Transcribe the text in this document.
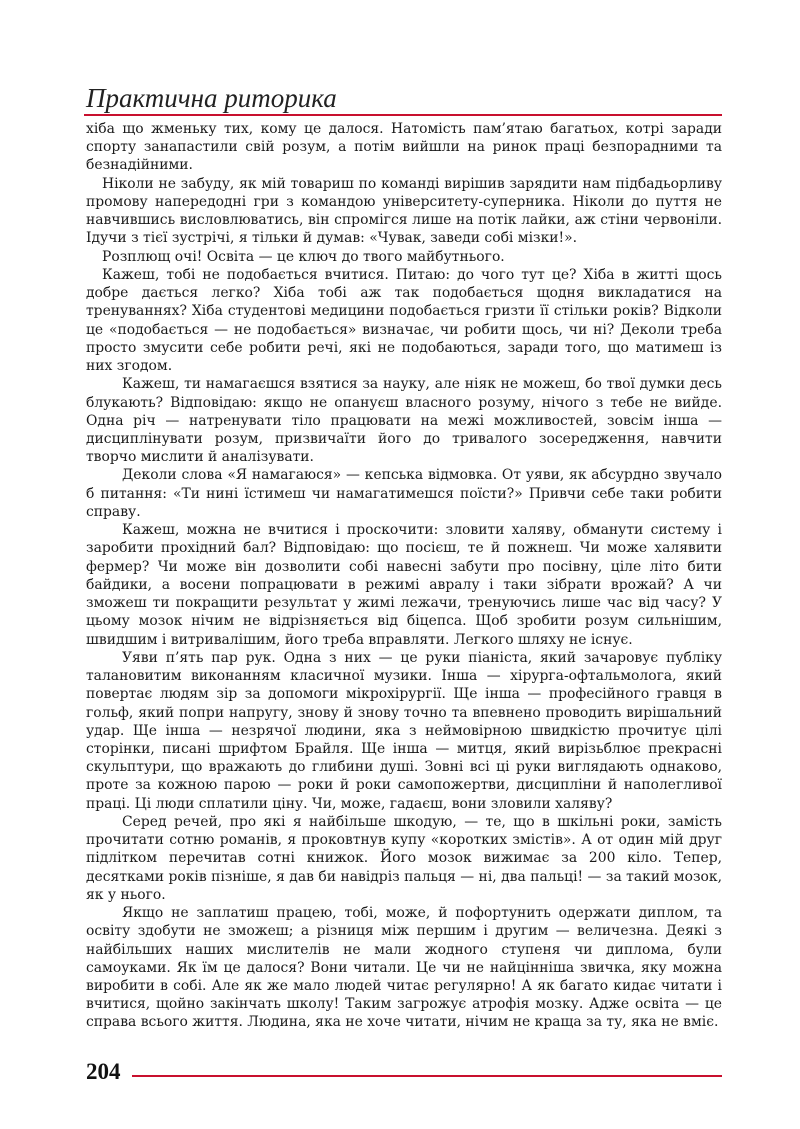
Практична риторика

хіба що жменьку тих, кому це далося. Натомість пам’ятаю багатьох, котрі заради спорту занапастили свій розум, а потім вийшли на ринок праці безпорадними та безнадійними.

Ніколи не забуду, як мій товариш по команді вирішив зарядити нам підбадьорливу промову напередодні гри з командою університету-суперника. Ніколи до пуття не навчившись висловлюватись, він спромігся лише на потік лайки, аж стіни червоніли. Ідучи з тієї зустрічі, я тільки й думав: «Чувак, заведи собі мізки!».

Розплющ очі! Освіта — це ключ до твого майбутнього.

Кажеш, тобі не подобається вчитися. Питаю: до чого тут це? Хіба в житті щось добре дається легко? Хіба тобі аж так подобається щодня викладатися на тренуваннях? Хіба студентові медицини подобається гризти її стільки років? Відколи це «подобається — не подобається» визначає, чи робити щось, чи ні? Деколи треба просто змусити себе робити речі, які не подобаються, заради того, що матимеш із них згодом.

Кажеш, ти намагаєшся взятися за науку, але ніяк не можеш, бо твої думки десь блукають? Відповідаю: якщо не опануєш власного розуму, нічого з тебе не вийде. Одна річ — натренувати тіло працювати на межі можливостей, зовсім інша — дисциплінувати розум, призвичаїти його до тривалого зосередження, навчити творчо мислити й аналізувати.

Деколи слова «Я намагаюся» — кепська відмовка. От уяви, як абсурдно звучало б питання: «Ти нині їстимеш чи намагатимешся поїсти?» Привчи себе таки робити справу.

Кажеш, можна не вчитися і проскочити: зловити халяву, обманути систему і заробити прохідний бал? Відповідаю: що посієш, те й пожнеш. Чи може халявити фермер? Чи може він дозволити собі навесні забути про посівну, ціле літо бити байдики, а восени попрацювати в режимі авралу і таки зібрати врожай? А чи зможеш ти покращити результат у жимі лежачи, тренуючись лише час від часу? У цьому мозок нічим не відрізняється від біцепса. Щоб зробити розум сильнішим, швидшим і витривалішим, його треба вправляти. Легкого шляху не існує.

Уяви п’ять пар рук. Одна з них — це руки піаніста, який зачаровує публіку талановитим виконанням класичної музики. Інша — хірурга-офтальмолога, який повертає людям зір за допомоги мікрохірургії. Ще інша — професійного гравця в гольф, який попри напругу, знову й знову точно та впевнено проводить вирішальний удар. Ще інша — незрячої людини, яка з неймовірною швидкістю прочитує цілі сторінки, писані шрифтом Брайля. Ще інша — митця, який вирізьблює прекрасні скульптури, що вражають до глибини душі. Зовні всі ці руки виглядають однаково, проте за кожною парою — роки й роки самопожертви, дисципліни й наполегливої праці. Ці люди сплатили ціну. Чи, може, гадаєш, вони зловили халяву?

Серед речей, про які я найбільше шкодую, — те, що в шкільні роки, замість прочитати сотню романів, я проковтнув купу «коротких змістів». А от один мій друг підлітком перечитав сотні книжок. Його мозок вижимає за 200 кіло. Тепер, десятками років пізніше, я дав би навідріз пальця — ні, два пальці! — за такий мозок, як у нього.

Якщо не заплатиш працею, тобі, може, й пофортунить одержати диплом, та освіту здобути не зможеш; а різниця між першим і другим — величезна. Деякі з найбільших наших мислителів не мали жодного ступеня чи диплома, були самоуками. Як їм це далося? Вони читали. Це чи не найцінніша звичка, яку можна виробити в собі. Але як же мало людей читає регулярно! А як багато кидає читати і вчитися, щойно закінчать школу! Таким загрожує атрофія мозку. Адже освіта — це справа всього життя. Людина, яка не хоче читати, нічим не краща за ту, яка не вміє.

204
